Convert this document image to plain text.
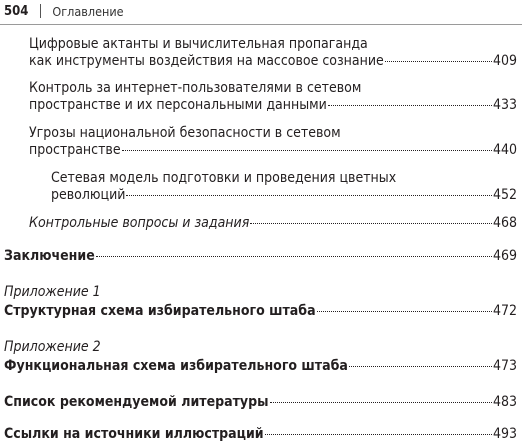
504 Оглавление
Цифровые актанты и вычислительная пропаганда
как инструменты воздействия на массовое сознание	409
Контроль за интернет-пользователями в сетевом
пространстве и их персональными данными	433
Угрозы национальной безопасности в сетевом
пространстве	440
Сетевая модель подготовки и проведения цветных
революций	452
Контрольные вопросы и задания	468
Заключение	469
Приложение 1
Структурная схема избирательного штаба	472
Приложение 2
Функциональная схема избирательного штаба	473
Список рекомендуемой литературы	483
Ссылки на источники иллюстраций	493
